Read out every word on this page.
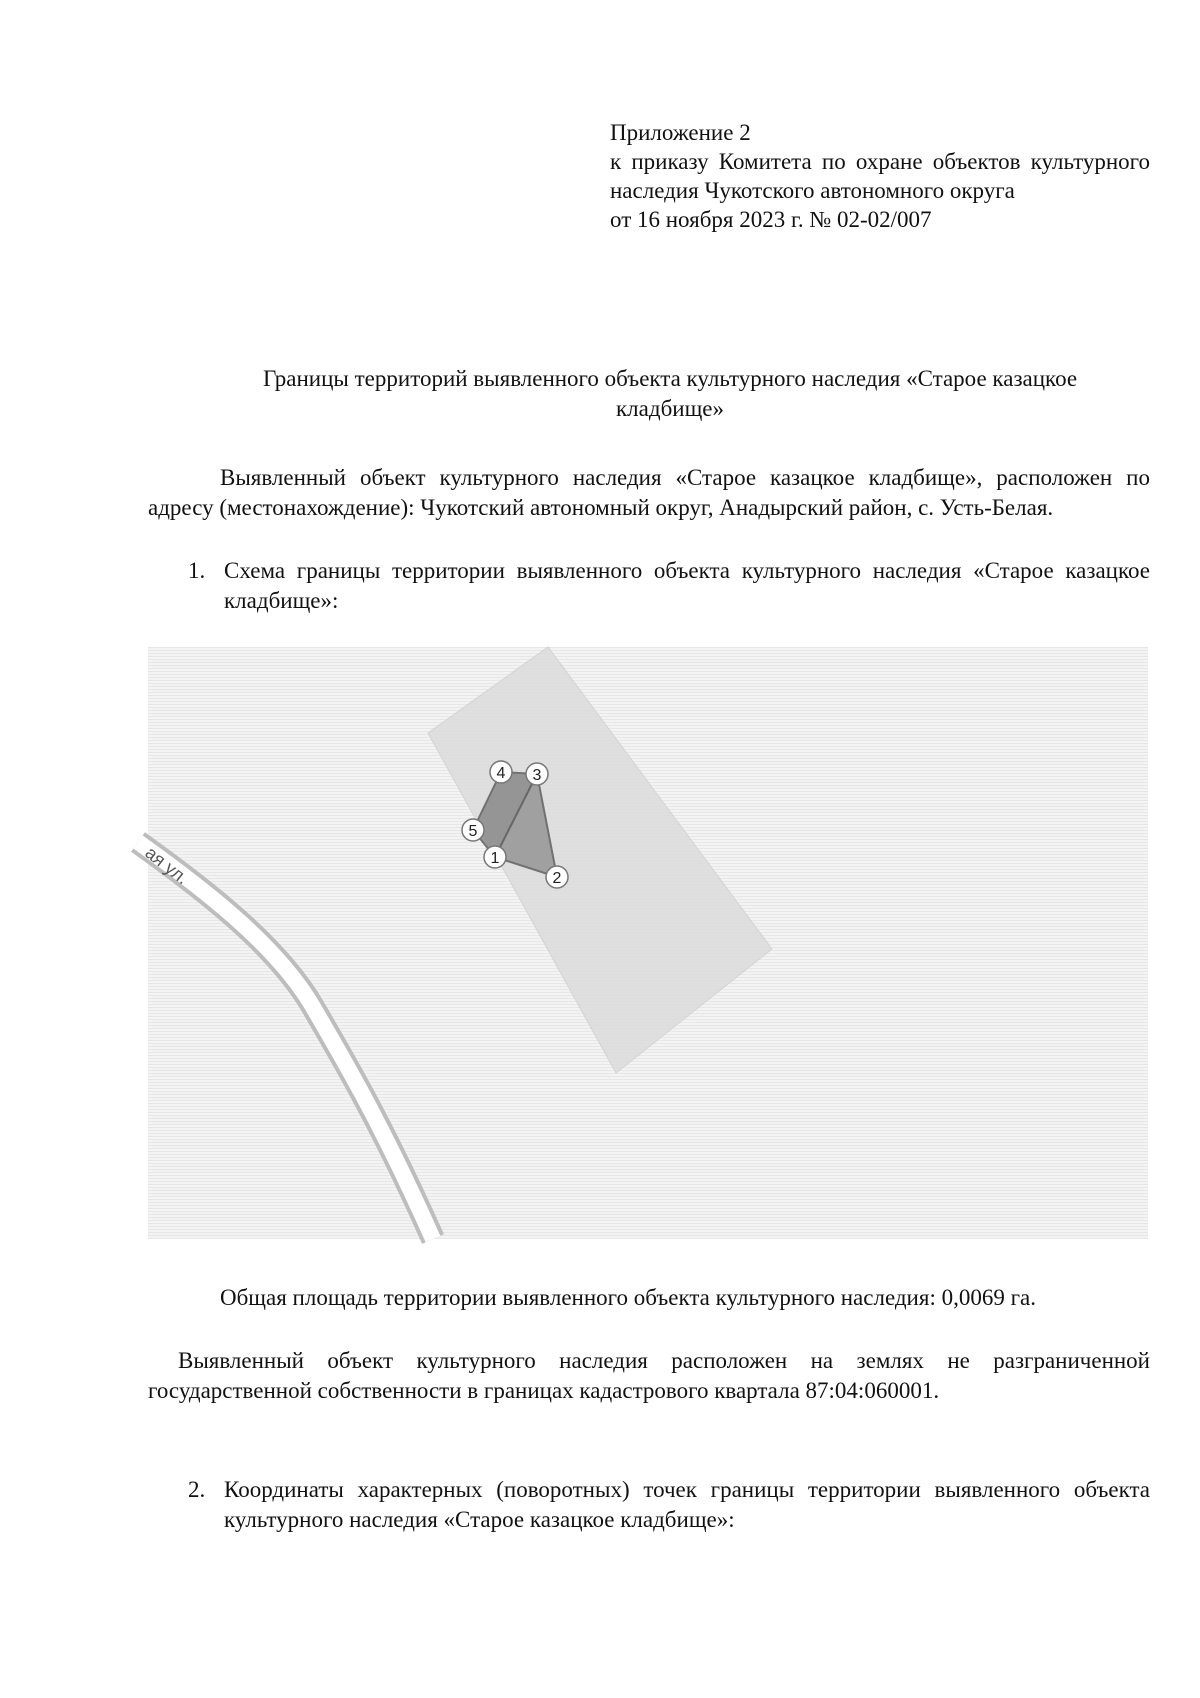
Приложение 2
к приказу Комитета по охране объектов культурного наследия Чукотского автономного округа
от 16 ноября 2023 г. № 02-02/007
Границы территорий выявленного объекта культурного наследия «Старое казацкое кладбище»
Выявленный объект культурного наследия «Старое казацкое кладбище», расположен по адресу (местонахождение): Чукотский автономный округ, Анадырский район, с. Усть-Белая.
1. Схема границы территории выявленного объекта культурного наследия «Старое казацкое кладбище»:
ая ул.	1
2
3
4
5
Общая площадь территории выявленного объекта культурного наследия: 0,0069 га.
Выявленный объект культурного наследия расположен на землях не разграниченной государственной собственности в границах кадастрового квартала 87:04:060001.
2. Координаты характерных (поворотных) точек границы территории выявленного объекта культурного наследия «Старое казацкое кладбище»:
